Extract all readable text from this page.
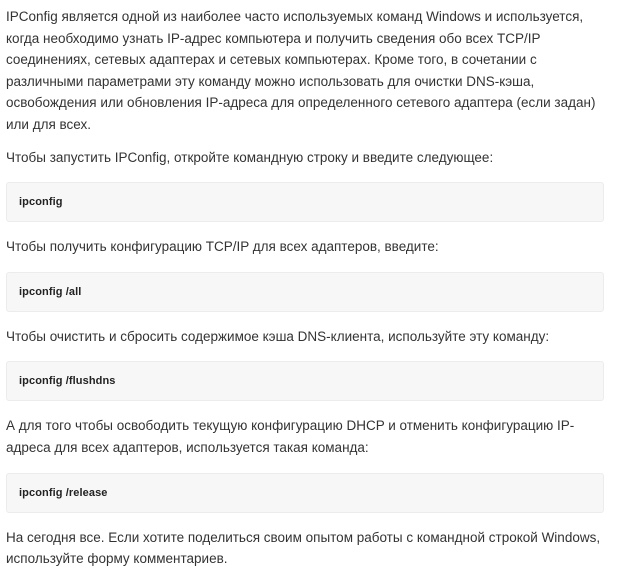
IPConfig является одной из наиболее часто используемых команд Windows и используется, когда необходимо узнать IP-адрес компьютера и получить сведения обо всех TCP/IP соединениях, сетевых адаптерах и сетевых компьютерах. Кроме того, в сочетании с различными параметрами эту команду можно использовать для очистки DNS-кэша, освобождения или обновления IP-адреса для определенного сетевого адаптера (если задан) или для всех.

Чтобы запустить IPConfig, откройте командную строку и введите следующее:

ipconfig

Чтобы получить конфигурацию TCP/IP для всех адаптеров, введите:

ipconfig /all

Чтобы очистить и сбросить содержимое кэша DNS-клиента, используйте эту команду:

ipconfig /flushdns

А для того чтобы освободить текущую конфигурацию DHCP и отменить конфигурацию IP-адреса для всех адаптеров, используется такая команда:

ipconfig /release

На сегодня все. Если хотите поделиться своим опытом работы с командной строкой Windows, используйте форму комментариев.
